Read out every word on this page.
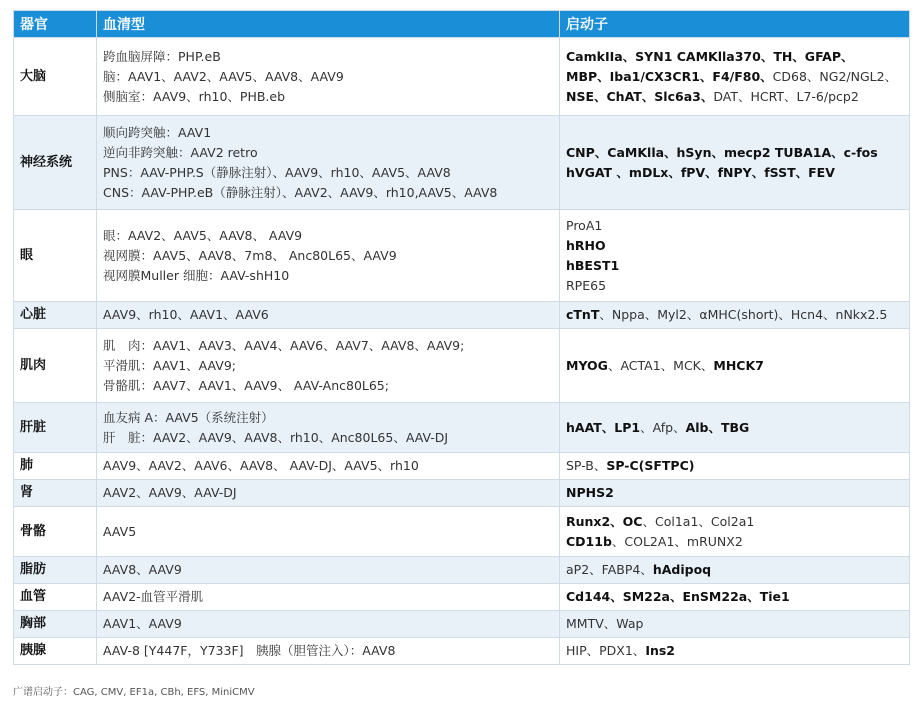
器官	血清型	启动子
大脑	跨血脑屏障：PHP.eB
脑：AAV1、AAV2、AAV5、AAV8、AAV9
侧脑室：AAV9、rh10、PHB.eb	CamkIIa、SYN1 CAMKlla370、TH、GFAP、
MBP、Iba1/CX3CR1、F4/F80、CD68、NG2/NGL2、
NSE、ChAT、Slc6a3、DAT、HCRT、L7-6/pcp2

神经系统	顺向跨突触：AAV1
逆向非跨突触：AAV2 retro
PNS：AAV-PHP.S（静脉注射）、AAV9、rh10、AAV5、AAV8
CNS：AAV-PHP.eB（静脉注射）、AAV2、AAV9、rh10,AAV5、AAV8	CNP、CaMKlla、hSyn、mecp2 TUBA1A、c-fos
hVGAT 、mDLx、fPV、fNPY、fSST、FEV

眼	眼：AAV2、AAV5、AAV8、 AAV9
视网膜：AAV5、AAV8、7m8、 Anc80L65、AAV9
视网膜Muller 细胞：AAV-shH10	ProA1
hRHO
hBEST1
RPE65

心脏	AAV9、rh10、AAV1、AAV6	cTnT、Nppa、Myl2、αMHC(short)、Hcn4、nNkx2.5

肌肉	肌　肉：AAV1、AAV3、AAV4、AAV6、AAV7、AAV8、AAV9;
平滑肌：AAV1、AAV9;
骨骼肌：AAV7、AAV1、AAV9、 AAV-Anc80L65;	MYOG、ACTA1、MCK、MHCK7

肝脏	血友病 A：AAV5（系统注射）
肝　脏：AAV2、AAV9、AAV8、rh10、Anc80L65、AAV-DJ	hAAT、LP1、Afp、Alb、TBG

肺	AAV9、AAV2、AAV6、AAV8、 AAV-DJ、AAV5、rh10	SP-B、SP-C(SFTPC)

肾	AAV2、AAV9、AAV-DJ	NPHS2

骨骼	AAV5	Runx2、OC、Col1a1、Col2a1
CD11b、COL2A1、mRUNX2

脂肪	AAV8、AAV9	aP2、FABP4、hAdipoq

血管	AAV2-血管平滑肌	Cd144、SM22a、EnSM22a、Tie1

胸部	AAV1、AAV9	MMTV、Wap

胰腺	AAV-8 [Y447F，Y733F]　胰腺（胆管注入）：AAV8	HIP、PDX1、Ins2
广谱启动子：CAG, CMV, EF1a, CBh, EFS, MiniCMV
